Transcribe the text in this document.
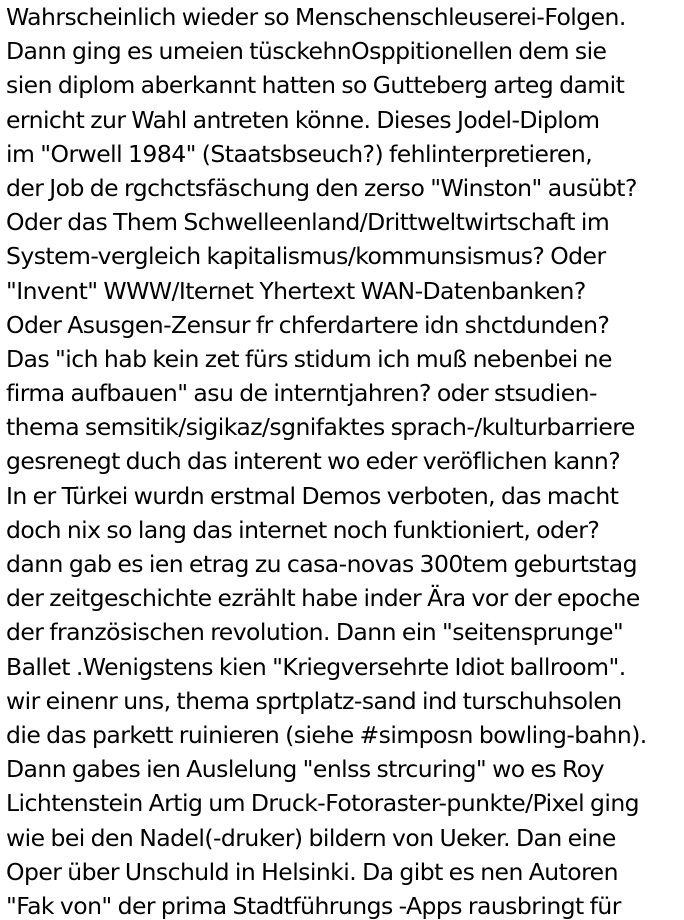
Wahrscheinlich wieder so Menschenschleuserei-Folgen.
Dann ging es umeien tüsckehnOsppitionellen dem sie
sien diplom aberkannt hatten so Gutteberg arteg damit
ernicht zur Wahl antreten könne. Dieses Jodel-Diplom
im "Orwell 1984" (Staatsbseuch?) fehlinterpretieren,
der Job de rgchctsfäschung den zerso "Winston" ausübt?
Oder das Them Schwelleenland/Drittweltwirtschaft im
System-vergleich kapitalismus/kommunsismus? Oder
"Invent" WWW/Iternet Yhertext WAN-Datenbanken?
Oder Asusgen-Zensur fr chferdartere idn shctdunden?
Das "ich hab kein zet fürs stidum ich muß nebenbei ne
firma aufbauen" asu de interntjahren? oder stsudien-
thema semsitik/sigikaz/sgnifaktes sprach-/kulturbarriere
gesrenegt duch das interent wo eder veröflichen kann?
In er Türkei wurdn erstmal Demos verboten, das macht
doch nix so lang das internet noch funktioniert, oder?
dann gab es ien etrag zu casa-novas 300tem geburtstag
der zeitgeschichte ezrählt habe inder Ära vor der epoche
der französischen revolution. Dann ein "seitensprunge"
Ballet .Wenigstens kien "Kriegversehrte Idiot ballroom".
wir einenr uns, thema sprtplatz-sand ind turschuhsolen
die das parkett ruinieren (siehe #simposn bowling-bahn).
Dann gabes ien Auslelung "enlss strcuring" wo es Roy
Lichtenstein Artig um Druck-Fotoraster-punkte/Pixel ging
wie bei den Nadel(-druker) bildern von Ueker. Dan eine
Oper über Unschuld in Helsinki. Da gibt es nen Autoren
"Fak von" der prima Stadtführungs -Apps rausbringt für
